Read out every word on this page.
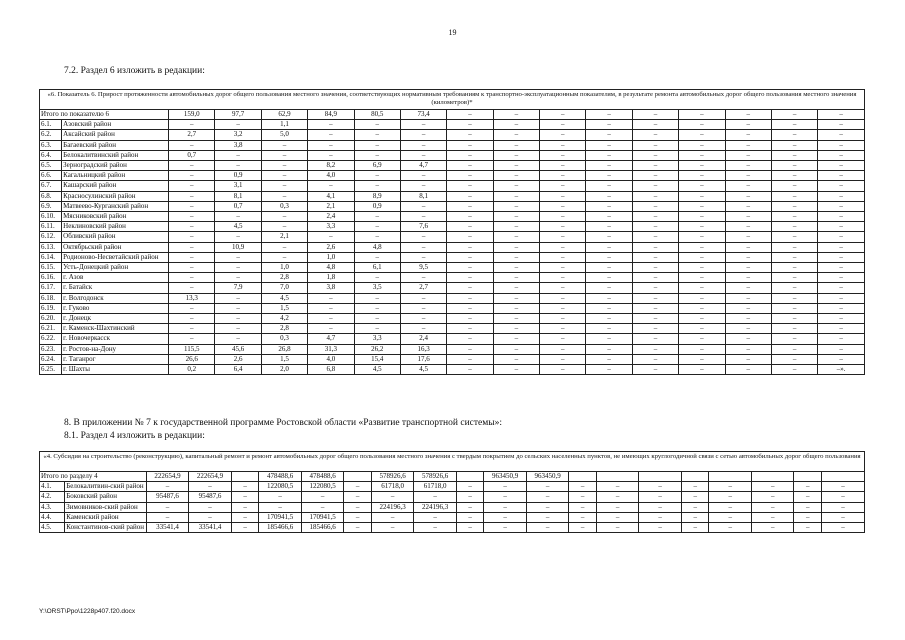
19
7.2. Раздел 6 изложить в редакции:
«6. Показатель 6. Прирост протяженности автомобильных дорог общего пользования местного значения, соответствующих нормативным требованиям к транспортно-эксплуатационным показателям, в результате ремонта автомобильных дорог общего пользования местного значения (километров)*																
Итого по показателю 6		159,0	97,7	62,9	84,9	80,5	73,4	–	–	–	–	–	–	–	–	–
6.1.	Азовский район	–	–	1,1	–	–	–	–	–	–	–	–	–	–	–	–
6.2.	Аксайский район	2,7	3,2	5,0	–	–	–	–	–	–	–	–	–	–	–	–
6.3.	Багаевский район	–	3,8	–	–	–	–	–	–	–	–	–	–	–	–	–
6.4.	Белокалитвинский район	0,7	–	–	–	–	–	–	–	–	–	–	–	–	–	–
6.5.	Зерноградский район	–	–	–	8,2	6,9	4,7	–	–	–	–	–	–	–	–	–
6.6.	Кагальницкий район	–	0,9	–	4,0	–	–	–	–	–	–	–	–	–	–	–
6.7.	Кашарский район	–	3,1	–	–	–	–	–	–	–	–	–	–	–	–	–
6.8.	Красносулинский район	–	8,1	–	4,1	8,9	8,1	–	–	–	–	–	–	–	–	–
6.9.	Матвеево-Курганский район	–	0,7	0,3	2,1	0,9	–	–	–	–	–	–	–	–	–	–
6.10.	Мясниковский район	–	–	–	2,4	–	–	–	–	–	–	–	–	–	–	–
6.11.	Неклиновский район	–	4,5	–	3,3	–	7,6	–	–	–	–	–	–	–	–	–
6.12.	Обливский район	–	–	2,1	–	–	–	–	–	–	–	–	–	–	–	–
6.13.	Октябрьский район	–	10,9	–	2,6	4,8	–	–	–	–	–	–	–	–	–	–
6.14.	Родионово-Несветайский район	–	–	–	1,0	–	–	–	–	–	–	–	–	–	–	–
6.15.	Усть-Донецкий район	–	–	1,0	4,8	6,1	9,5	–	–	–	–	–	–	–	–	–
6.16.	г. Азов	–	–	2,8	1,8	–	–	–	–	–	–	–	–	–	–	–
6.17.	г. Батайск	–	7,9	7,0	3,8	3,5	2,7	–	–	–	–	–	–	–	–	–
6.18.	г. Волгодонск	13,3	–	4,5	–	–	–	–	–	–	–	–	–	–	–	–
6.19.	г. Гуково	–	–	1,5	–	–	–	–	–	–	–	–	–	–	–	–
6.20.	г. Донецк	–	–	4,2	–	–	–	–	–	–	–	–	–	–	–	–
6.21.	г. Каменск-Шахтинский	–	–	2,8	–	–	–	–	–	–	–	–	–	–	–	–
6.22.	г. Новочеркасск	–	–	0,3	4,7	3,3	2,4	–	–	–	–	–	–	–	–	–
6.23.	г. Ростов-на-Дону	115,5	45,6	26,8	31,3	26,2	16,3	–	–	–	–	–	–	–	–	–
6.24.	г. Таганрог	26,6	2,6	1,5	4,0	15,4	17,6	–	–	–	–	–	–	–	–	–
6.25.	г. Шахты	0,2	6,4	2,0	6,8	4,5	4,5	–	–	–	–	–	–	–	–	–».
8. В приложении № 7 к государственной программе Ростовской области «Развитие транспортной системы»:
8.1. Раздел 4 изложить в редакции:
«4. Субсидия на строительство (реконструкцию), капитальный ремонт и ремонт автомобильных дорог общего пользования местного значения с твердым покрытием до сельских населенных пунктов, не имеющих круглогодичной связи с сетью автомобильных дорог общего пользования																				
Итого по разделу 4		222654,9	222654,9		478488,6	478488,6		578926,6	578926,6		963450,9	963450,9								
4.1.	Белокалитвин-ский район	–	–	–	122080,5	122080,5	–	61718,0	61718,0	–	–	–	–	–	–	–	–	–	–	–
4.2.	Боковский район	95487,6	95487,6	–	–	–	–	–	–	–	–	–	–	–	–	–	–	–	–	–
4.3.	Зимовников-ский район	–	–	–	–	–	–	224196,3	224196,3	–	–	–	–	–	–	–	–	–	–	–
4.4.	Каменский район	–	–	–	170941,5	170941,5	–	–	–	–	–	–	–	–	–	–	–	–	–	–
4.5.	Константинов-ский район	33541,4	33541,4	–	185466,6	185466,6	–	–	–	–	–	–	–	–	–	–	–	–	–	–
Y:\ORST\Ppo\1228p407.f20.docx
